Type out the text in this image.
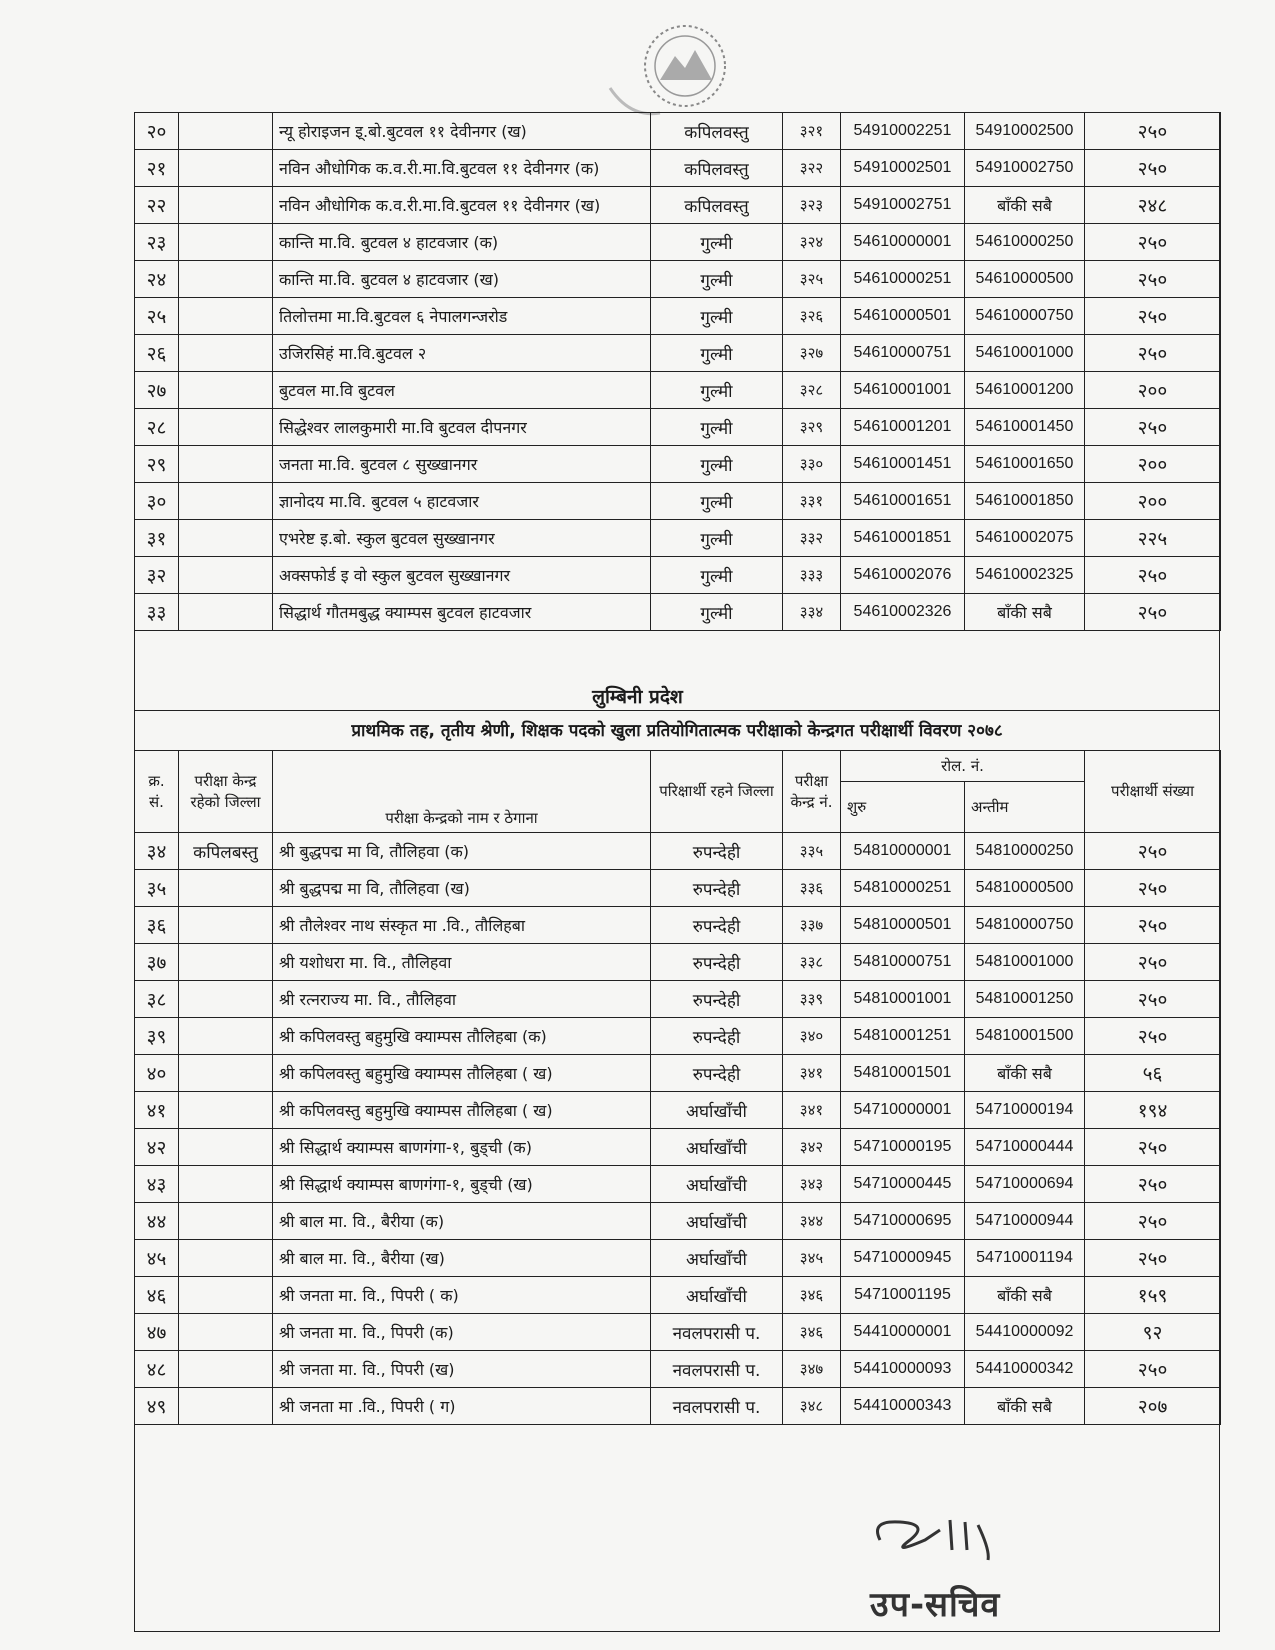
२०		न्यू होराइजन इ्.बो.बुटवल ११ देवीनगर (ख)	कपिलवस्तु	३२१	54910002251	54910002500	२५०
२१		नविन औधोगिक क.व.री.मा.वि.बुटवल ११ देवीनगर (क)	कपिलवस्तु	३२२	54910002501	54910002750	२५०
२२		नविन औधोगिक क.व.री.मा.वि.बुटवल ११ देवीनगर (ख)	कपिलवस्तु	३२३	54910002751	बाँकी सबै	२४८
२३		कान्ति मा.वि. बुटवल ४ हाटवजार (क)	गुल्मी	३२४	54610000001	54610000250	२५०
२४		कान्ति मा.वि. बुटवल ४ हाटवजार (ख)	गुल्मी	३२५	54610000251	54610000500	२५०
२५		तिलोत्तमा मा.वि.बुटवल ६ नेपालगन्जरोड	गुल्मी	३२६	54610000501	54610000750	२५०
२६		उजिरसिहं मा.वि.बुटवल २	गुल्मी	३२७	54610000751	54610001000	२५०
२७		बुटवल मा.वि बुटवल	गुल्मी	३२८	54610001001	54610001200	२००
२८		सिद्धेश्वर लालकुमारी मा.वि बुटवल दीपनगर	गुल्मी	३२९	54610001201	54610001450	२५०
२९		जनता मा.वि. बुटवल ८ सुख्खानगर	गुल्मी	३३०	54610001451	54610001650	२००
३०		ज्ञानोदय मा.वि. बुटवल ५ हाटवजार	गुल्मी	३३१	54610001651	54610001850	२००
३१		एभरेष्ट इ.बो. स्कुल बुटवल सुख्खानगर	गुल्मी	३३२	54610001851	54610002075	२२५
३२		अक्सफोर्ड इ वो स्कुल बुटवल सुख्खानगर	गुल्मी	३३३	54610002076	54610002325	२५०
३३		सिद्धार्थ गौतमबुद्ध क्याम्पस बुटवल हाटवजार	गुल्मी	३३४	54610002326	बाँकी सबै	२५०
लुम्बिनी प्रदेश
प्राथमिक तह, तृतीय श्रेणी, शिक्षक पदको खुला प्रतियोगितात्मक परीक्षाको केन्द्रगत परीक्षार्थी विवरण २०७८
क्र. सं.	परीक्षा केन्द्र रहेको जिल्ला	परीक्षा केन्द्रको नाम र ठेगाना	परिक्षार्थी रहने जिल्ला	परीक्षा केन्द्र नं.	रोल. नं.		परीक्षार्थी संख्या
					शुरु	अन्तीम	
३४	कपिलबस्तु	श्री बुद्धपद्म मा वि, तौलिहवा (क)	रुपन्देही	३३५	54810000001	54810000250	२५०
३५		श्री बुद्धपद्म मा वि, तौलिहवा (ख)	रुपन्देही	३३६	54810000251	54810000500	२५०
३६		श्री तौलेश्वर नाथ संस्कृत मा .वि., तौलिहबा	रुपन्देही	३३७	54810000501	54810000750	२५०
३७		श्री यशोधरा मा. वि., तौलिहवा	रुपन्देही	३३८	54810000751	54810001000	२५०
३८		श्री रत्नराज्य मा. वि., तौलिहवा	रुपन्देही	३३९	54810001001	54810001250	२५०
३९		श्री कपिलवस्तु बहुमुखि क्याम्पस तौलिहबा (क)	रुपन्देही	३४०	54810001251	54810001500	२५०
४०		श्री कपिलवस्तु बहुमुखि क्याम्पस तौलिहबा ( ख)	रुपन्देही	३४१	54810001501	बाँकी सबै	५६
४१		श्री कपिलवस्तु बहुमुखि क्याम्पस तौलिहबा ( ख)	अर्घाखाँची	३४१	54710000001	54710000194	१९४
४२		श्री सिद्धार्थ क्याम्पस बाणगंगा-१, बुड्ची (क)	अर्घाखाँची	३४२	54710000195	54710000444	२५०
४३		श्री सिद्धार्थ क्याम्पस बाणगंगा-१, बुड्ची (ख)	अर्घाखाँची	३४३	54710000445	54710000694	२५०
४४		श्री बाल मा. वि., बैरीया (क)	अर्घाखाँची	३४४	54710000695	54710000944	२५०
४५		श्री बाल मा. वि., बैरीया (ख)	अर्घाखाँची	३४५	54710000945	54710001194	२५०
४६		श्री जनता मा. वि., पिपरी ( क)	अर्घाखाँची	३४६	54710001195	बाँकी सबै	१५९
४७		श्री जनता मा. वि., पिपरी (क)	नवलपरासी प.	३४६	54410000001	54410000092	९२
४८		श्री जनता मा. वि., पिपरी (ख)	नवलपरासी प.	३४७	54410000093	54410000342	२५०
४९		श्री जनता मा .वि., पिपरी ( ग)	नवलपरासी प.	३४८	54410000343	बाँकी सबै	२०७
उप-सचिव
